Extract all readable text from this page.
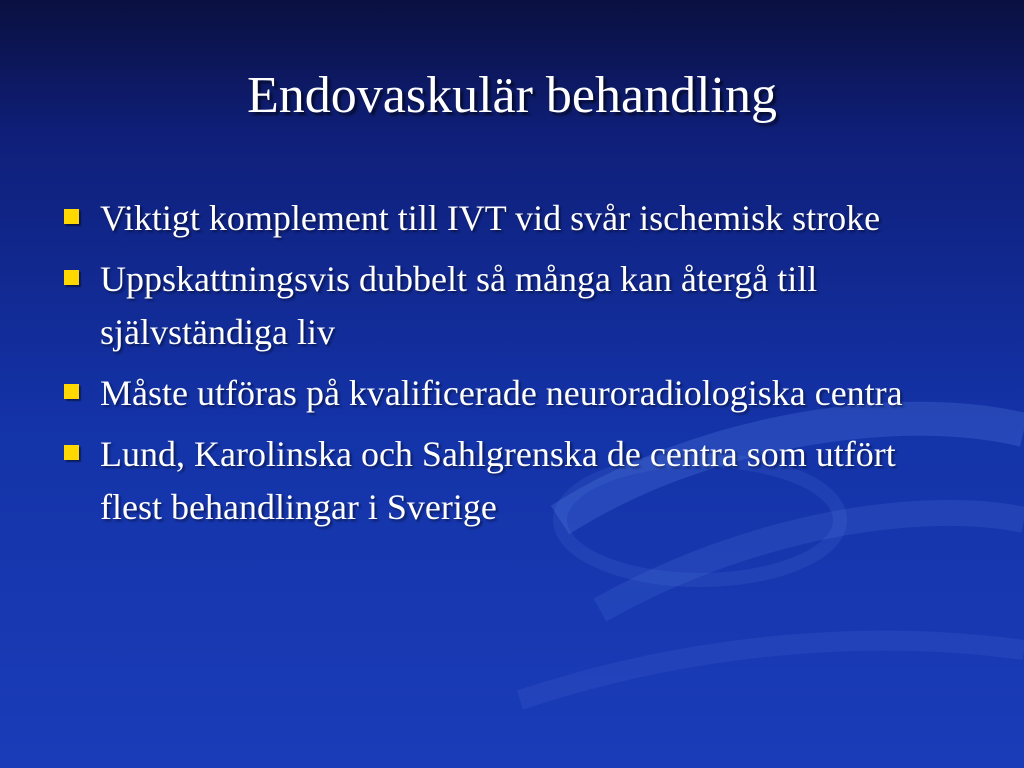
Endovaskulär behandling
Viktigt komplement till IVT vid svår ischemisk stroke
Uppskattningsvis dubbelt så många kan återgå till självständiga liv
Måste utföras på kvalificerade neuroradiologiska centra
Lund, Karolinska och Sahlgrenska de centra som utfört flest behandlingar i Sverige
